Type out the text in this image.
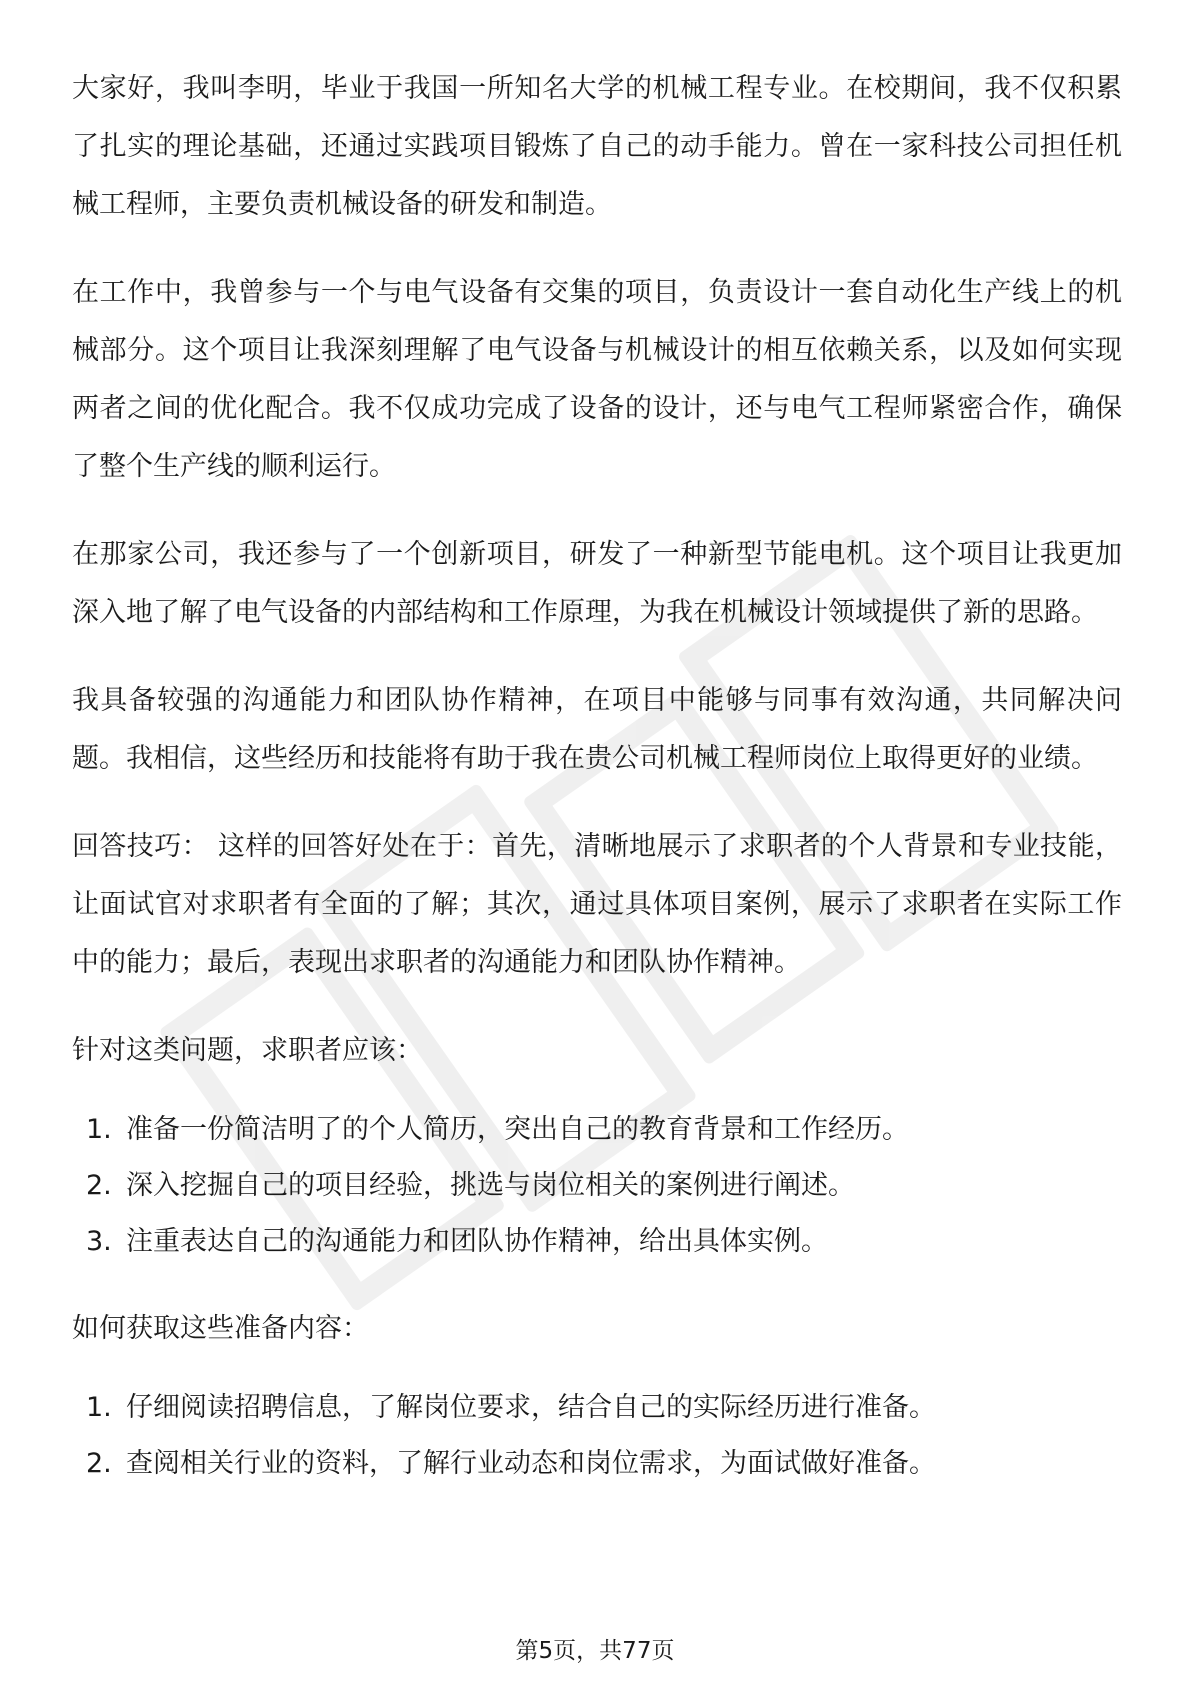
大家好，我叫李明，毕业于我国一所知名大学的机械工程专业。在校期间，我不仅积累了扎实的理论基础，还通过实践项目锻炼了自己的动手能力。曾在一家科技公司担任机械工程师，主要负责机械设备的研发和制造。

在工作中，我曾参与一个与电气设备有交集的项目，负责设计一套自动化生产线上的机械部分。这个项目让我深刻理解了电气设备与机械设计的相互依赖关系，以及如何实现两者之间的优化配合。我不仅成功完成了设备的设计，还与电气工程师紧密合作，确保了整个生产线的顺利运行。

在那家公司，我还参与了一个创新项目，研发了一种新型节能电机。这个项目让我更加深入地了解了电气设备的内部结构和工作原理，为我在机械设计领域提供了新的思路。

我具备较强的沟通能力和团队协作精神，在项目中能够与同事有效沟通，共同解决问题。我相信，这些经历和技能将有助于我在贵公司机械工程师岗位上取得更好的业绩。

回答技巧： 这样的回答好处在于：首先，清晰地展示了求职者的个人背景和专业技能，让面试官对求职者有全面的了解；其次，通过具体项目案例，展示了求职者在实际工作中的能力；最后，表现出求职者的沟通能力和团队协作精神。

针对这类问题，求职者应该：

1. 准备一份简洁明了的个人简历，突出自己的教育背景和工作经历。
2. 深入挖掘自己的项目经验，挑选与岗位相关的案例进行阐述。
3. 注重表达自己的沟通能力和团队协作精神，给出具体实例。

如何获取这些准备内容：

1. 仔细阅读招聘信息，了解岗位要求，结合自己的实际经历进行准备。
2. 查阅相关行业的资料，了解行业动态和岗位需求，为面试做好准备。
第5页，共77页
